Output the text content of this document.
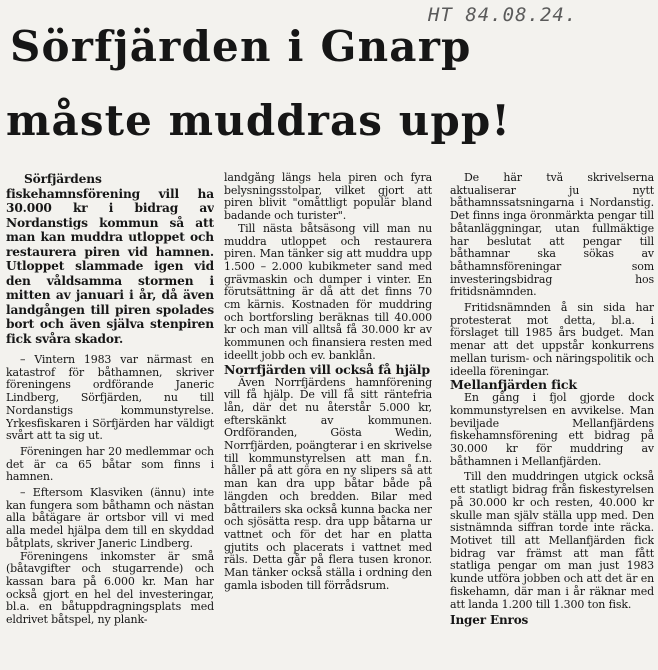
HT 84.08.24.
Sörfjärden i Gnarp
måste muddras upp!

Sörfjärdens fiskehamnsförening vill ha 30.000 kr i bidrag av Nordanstigs kommun så att man kan muddra utloppet och restaurera piren vid hamnen. Utloppet slammade igen vid den våldsamma stormen i mitten av januari i år, då även landgången till piren spolades bort och även själva stenpiren fick svåra skador.

– Vintern 1983 var närmast en katastrof för båthamnen, skriver föreningens ordförande Janeric Lindberg, Sörfjärden, nu till Nordanstigs kommunstyrelse. Yrkesfiskaren i Sörfjärden har väldigt svårt att ta sig ut.

Föreningen har 20 medlemmar och det är ca 65 båtar som finns i hamnen.

– Eftersom Klasviken (ännu) inte kan fungera som båthamn och nästan alla båtägare är ortsbor vill vi med alla medel hjälpa dem till en skyddad båtplats, skriver Janeric Lindberg.

Föreningens inkomster är små (båtavgifter och stugarrende) och kassan bara på 6.000 kr. Man har också gjort en hel del investeringar, bl.a. en båtuppdragningsplats med eldrivet båtspel, ny plank-

landgång längs hela piren och fyra belysningsstolpar, vilket gjort att piren blivit "omåttligt populär bland badande och turister".

Till nästa båtsäsong vill man nu muddra utloppet och restaurera piren. Man tänker sig att muddra upp 1.500 – 2.000 kubikmeter sand med grävmaskin och dumper i vinter. En förutsättning är då att det finns 70 cm kärnis. Kostnaden för muddring och bortforsling beräknas till 40.000 kr och man vill alltså få 30.000 kr av kommunen och finansiera resten med ideellt jobb och ev. banklån.

Norrfjärden vill också få hjälp

Även Norrfjärdens hamnförening vill få hjälp. De vill få sitt räntefria lån, där det nu återstår 5.000 kr, efterskänkt av kommunen. Ordföranden, Gösta Wedin, Norrfjärden, poängterar i en skrivelse till kommunstyrelsen att man f.n. håller på att göra en ny slipers så att man kan dra upp båtar både på längden och bredden. Bilar med båttrailers ska också kunna backa ner och sjösätta resp. dra upp båtarna ur vattnet och för det har en platta gjutits och placerats i vattnet med räls. Detta går på flera tusen kronor. Man tänker också ställa i ordning den gamla isboden till förrådsrum.

De här två skrivelserna aktualiserar ju nytt båthamnssatsningarna i Nordanstig. Det finns inga öronmärkta pengar till båtanläggningar, utan fullmäktige har beslutat att pengar till båthamnar ska sökas av båthamnsföreningar som investeringsbidrag hos fritidsnämnden.

Fritidsnämnden å sin sida har protesterat mot detta, bl.a. i förslaget till 1985 års budget. Man menar att det uppstår konkurrens mellan turism- och näringspolitik och ideella föreningar.

Mellanfjärden fick

En gång i fjol gjorde dock kommunstyrelsen en avvikelse. Man beviljade Mellanfjärdens fiskehamnsförening ett bidrag på 30.000 kr för muddring av båthamnen i Mellanfjärden.

Till den muddringen utgick också ett statligt bidrag från fiskestyrelsen på 30.000 kr och resten, 40.000 kr skulle man själv ställa upp med. Den sistnämnda siffran torde inte räcka. Motivet till att Mellanfjärden fick bidrag var främst att man fått statliga pengar om man just 1983 kunde utföra jobben och att det är en fiskehamn, där man i år räknar med att landa 1.200 till 1.300 ton fisk.

Inger Enros
